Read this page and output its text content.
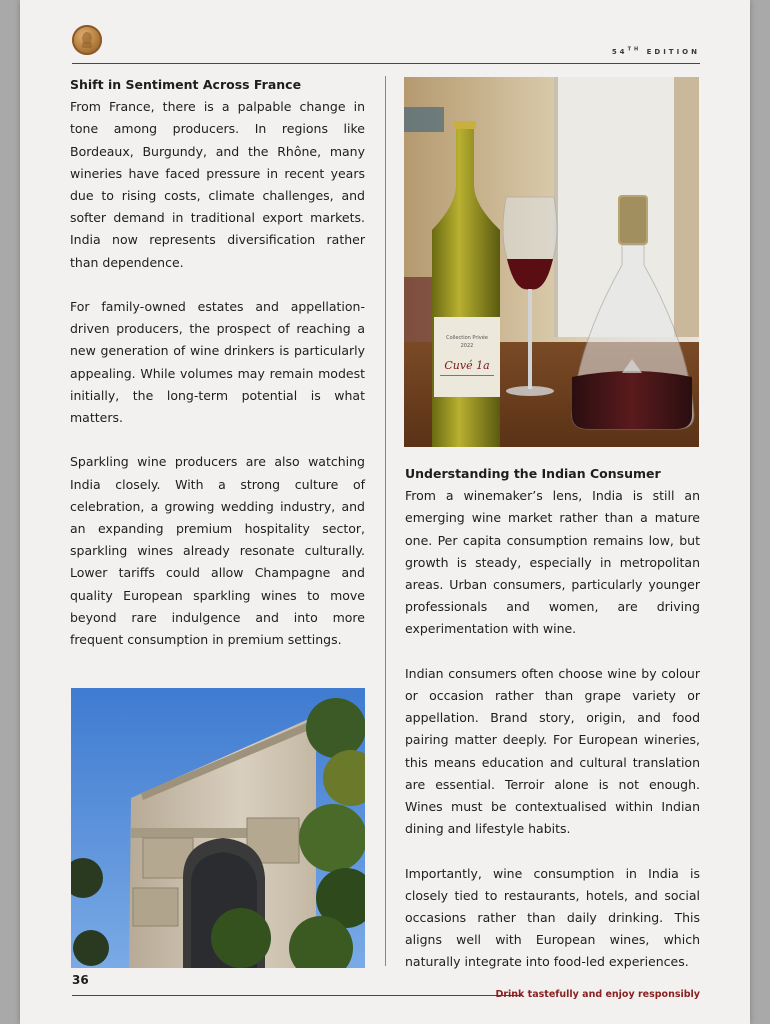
54TH EDITION
Shift in Sentiment Across France

From France, there is a palpable change in tone among producers. In regions like Bordeaux, Burgundy, and the Rhône, many wineries have faced pressure in recent years due to rising costs, climate challenges, and softer demand in traditional export markets. India now represents diversification rather than dependence.

For family-owned estates and appellation-driven producers, the prospect of reaching a new generation of wine drinkers is particularly appealing. While volumes may remain modest initially, the long-term potential is what matters.

Sparkling wine producers are also watching India closely. With a strong culture of celebration, a growing wedding industry, and an expanding premium hospitality sector, sparkling wines already resonate culturally. Lower tariffs could allow Champagne and quality European sparkling wines to move beyond rare indulgence and into more frequent consumption in premium settings.

Collection Privée
2022
Cuvé 1a
Understanding the Indian Consumer

From a winemaker’s lens, India is still an emerging wine market rather than a mature one. Per capita consumption remains low, but growth is steady, especially in metropolitan areas. Urban consumers, particularly younger professionals and women, are driving experimentation with wine.

Indian consumers often choose wine by colour or occasion rather than grape variety or appellation. Brand story, origin, and food pairing matter deeply. For European wineries, this means education and cultural translation are essential. Terroir alone is not enough. Wines must be contextualised within Indian dining and lifestyle habits.

Importantly, wine consumption in India is closely tied to restaurants, hotels, and social occasions rather than daily drinking. This aligns well with European wines, which naturally integrate into food-led experiences.

36
Drink tastefully and enjoy responsibly
